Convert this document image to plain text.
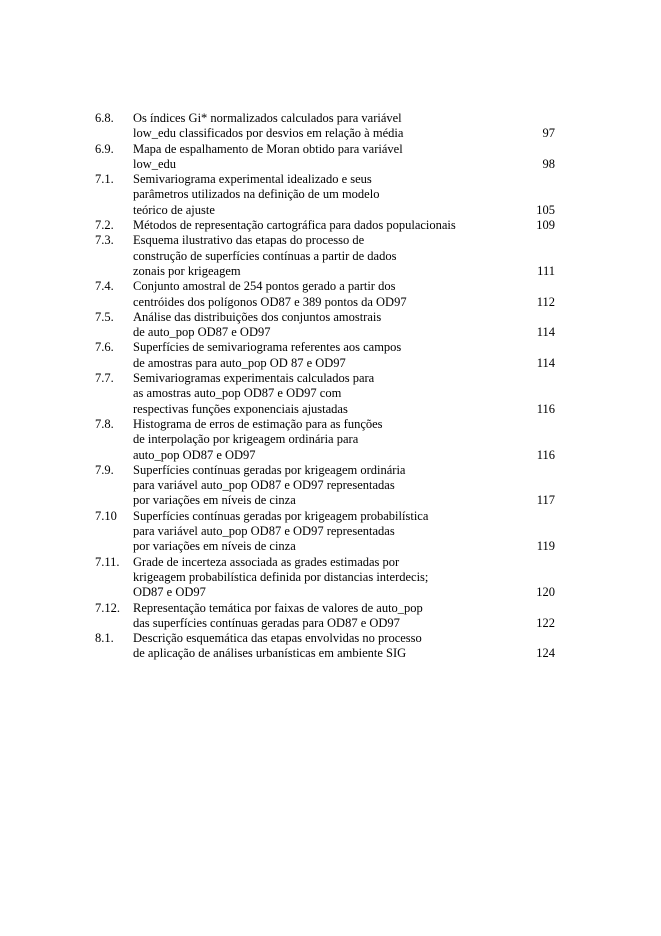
6.8. Os índices Gi* normalizados calculados para variável
low_edu classificados por desvios em relação à média	97
6.9. Mapa de espalhamento de Moran obtido para variável
low_edu	98
7.1. Semivariograma experimental idealizado e seus
parâmetros utilizados na definição de um modelo
teórico de ajuste	105
7.2. Métodos de representação cartográfica para dados populacionais	109
7.3. Esquema ilustrativo das etapas do processo de
construção de superfícies contínuas a partir de dados
zonais por krigeagem	111
7.4. Conjunto amostral de 254 pontos gerado a partir dos
centróides dos polígonos OD87 e 389 pontos da OD97	112
7.5. Análise das distribuições dos conjuntos amostrais
de auto_pop OD87 e OD97	114
7.6. Superfícies de semivariograma referentes aos campos
de amostras para auto_pop OD 87 e OD97	114
7.7. Semivariogramas experimentais calculados para
as amostras auto_pop OD87 e OD97 com
respectivas funções exponenciais ajustadas	116
7.8. Histograma de erros de estimação para as funções
de interpolação por krigeagem ordinária para
auto_pop OD87 e OD97	116
7.9. Superfícies contínuas geradas por krigeagem ordinária
para variável auto_pop OD87 e OD97 representadas
por variações em níveis de cinza	117
7.10 Superfícies contínuas geradas por krigeagem probabilística
para variável auto_pop OD87 e OD97 representadas
por variações em níveis de cinza	119
7.11. Grade de incerteza associada as grades estimadas por
krigeagem probabilística definida por distancias interdecis;
OD87 e OD97	120
7.12. Representação temática por faixas de valores de auto_pop
das superfícies contínuas geradas para OD87 e OD97	122
8.1. Descrição esquemática das etapas envolvidas no processo
de aplicação de análises urbanísticas em ambiente SIG	124
